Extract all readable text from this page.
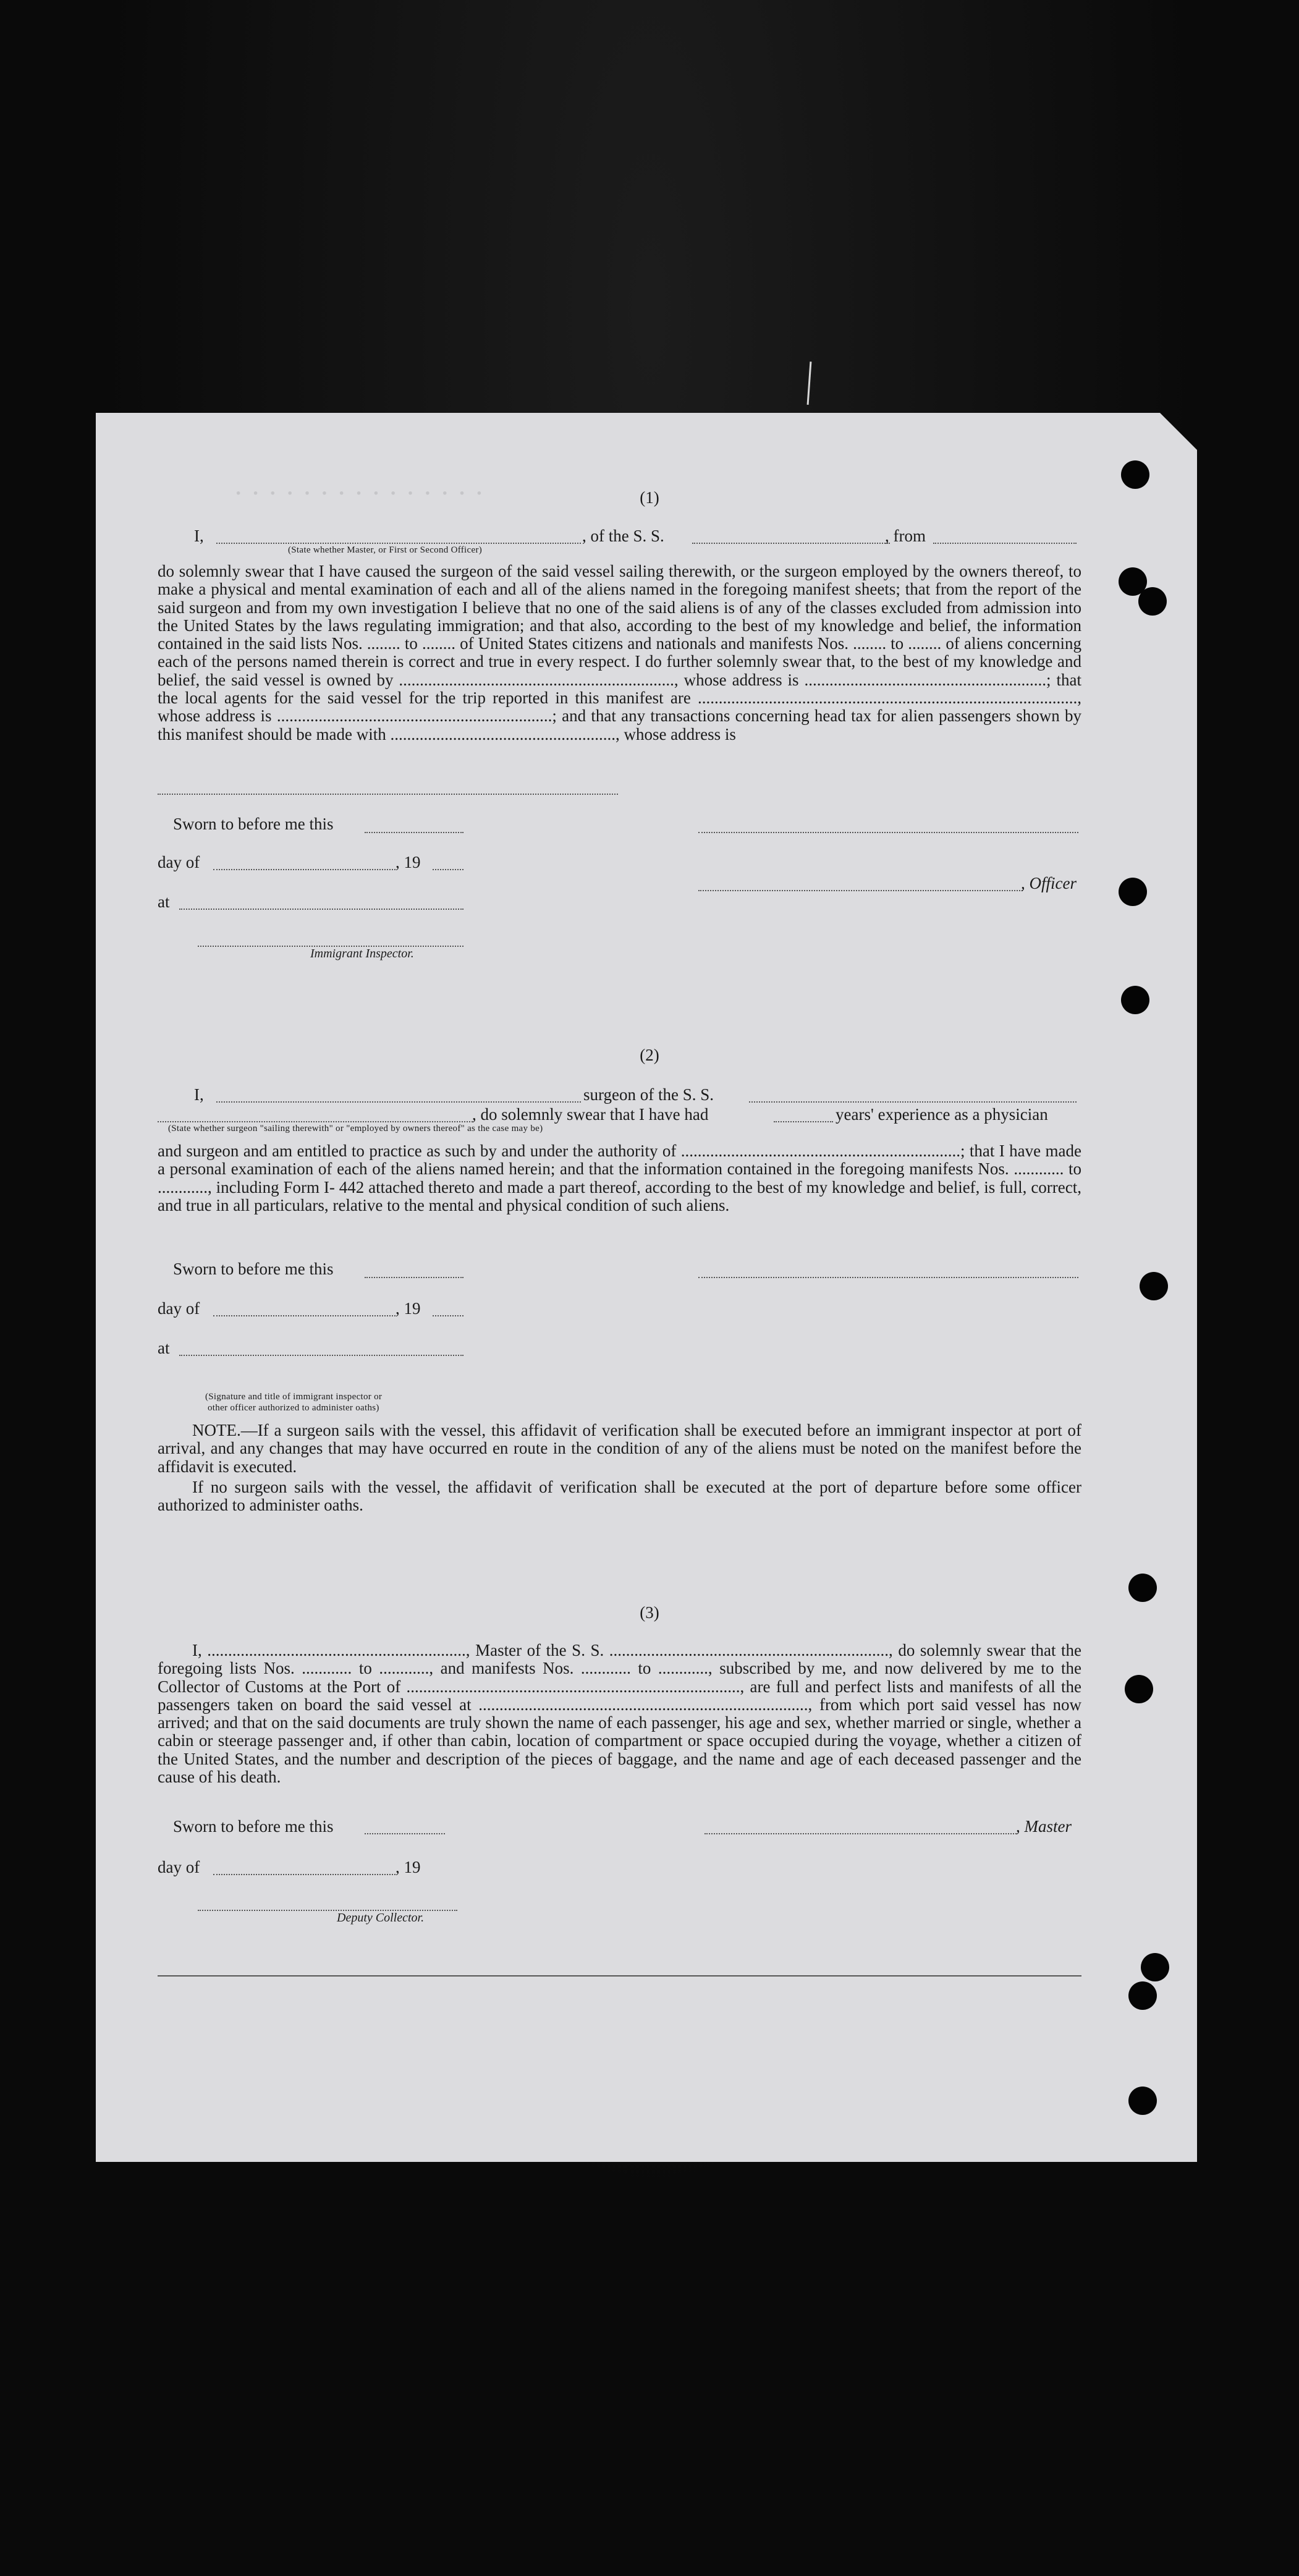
· · · · · · · · · · · · · · ·	(1)
I,	, of the S. S.	, from
(State whether Master, or First or Second Officer)
do solemnly swear that I have caused the surgeon of the said vessel sailing therewith, or the surgeon employed by the owners thereof, to make a physical and mental examination of each and all of the aliens named in the foregoing manifest sheets; that from the report of the said surgeon and from my own investigation I believe that no one of the said aliens is of any of the classes excluded from admission into the United States by the laws regulating immigration; and that also, according to the best of my knowledge and belief, the information contained in the said lists Nos. ........ to ........ of United States citizens and nationals and manifests Nos. ........ to ........ of aliens concerning each of the persons named therein is correct and true in every respect. I do further solemnly swear that, to the best of my knowledge and belief, the said vessel is owned by .................................................................., whose address is ..........................................................; that the local agents for the said vessel for the trip reported in this manifest are ..........................................................................................., whose address is ..................................................................; and that any transactions concerning head tax for alien passengers shown by this manifest should be made with ......................................................, whose address is
Sworn to before me this
day of	, 19
, Officer
at
Immigrant Inspector.
(2)
I,	surgeon of the S. S.
, do solemnly swear that I have had	years' experience as a physician
(State whether surgeon "sailing therewith" or "employed by owners thereof" as the case may be)
and surgeon and am entitled to practice as such by and under the authority of ...................................................................; that I have made a personal examination of each of the aliens named herein; and that the information contained in the foregoing manifests Nos. ............ to ............, including Form I- 442 attached thereto and made a part thereof, according to the best of my knowledge and belief, is full, correct, and true in all particulars, relative to the mental and physical condition of such aliens.
Sworn to before me this
day of	, 19
at
(Signature and title of immigrant inspector or
other officer authorized to administer oaths)
NOTE.—If a surgeon sails with the vessel, this affidavit of verification shall be executed before an immigrant inspector at port of arrival, and any changes that may have occurred en route in the condition of any of the aliens must be noted on the manifest before the affidavit is executed.
If no surgeon sails with the vessel, the affidavit of verification shall be executed at the port of departure before some officer authorized to administer oaths.
(3)
I, .............................................................., Master of the S. S. ..................................................................., do solemnly swear that the foregoing lists Nos. ............ to ............, and manifests Nos. ............ to ............, subscribed by me, and now delivered by me to the Collector of Customs at the Port of ................................................................................, are full and perfect lists and manifests of all the passengers taken on board the said vessel at ..............................................................................., from which port said vessel has now arrived; and that on the said documents are truly shown the name of each passenger, his age and sex, whether married or single, whether a cabin or steerage passenger and, if other than cabin, location of compartment or space occupied during the voyage, whether a citizen of the United States, and the number and description of the pieces of baggage, and the name and age of each deceased passenger and the cause of his death.
Sworn to before me this	, Master
day of	, 19
Deputy Collector.
